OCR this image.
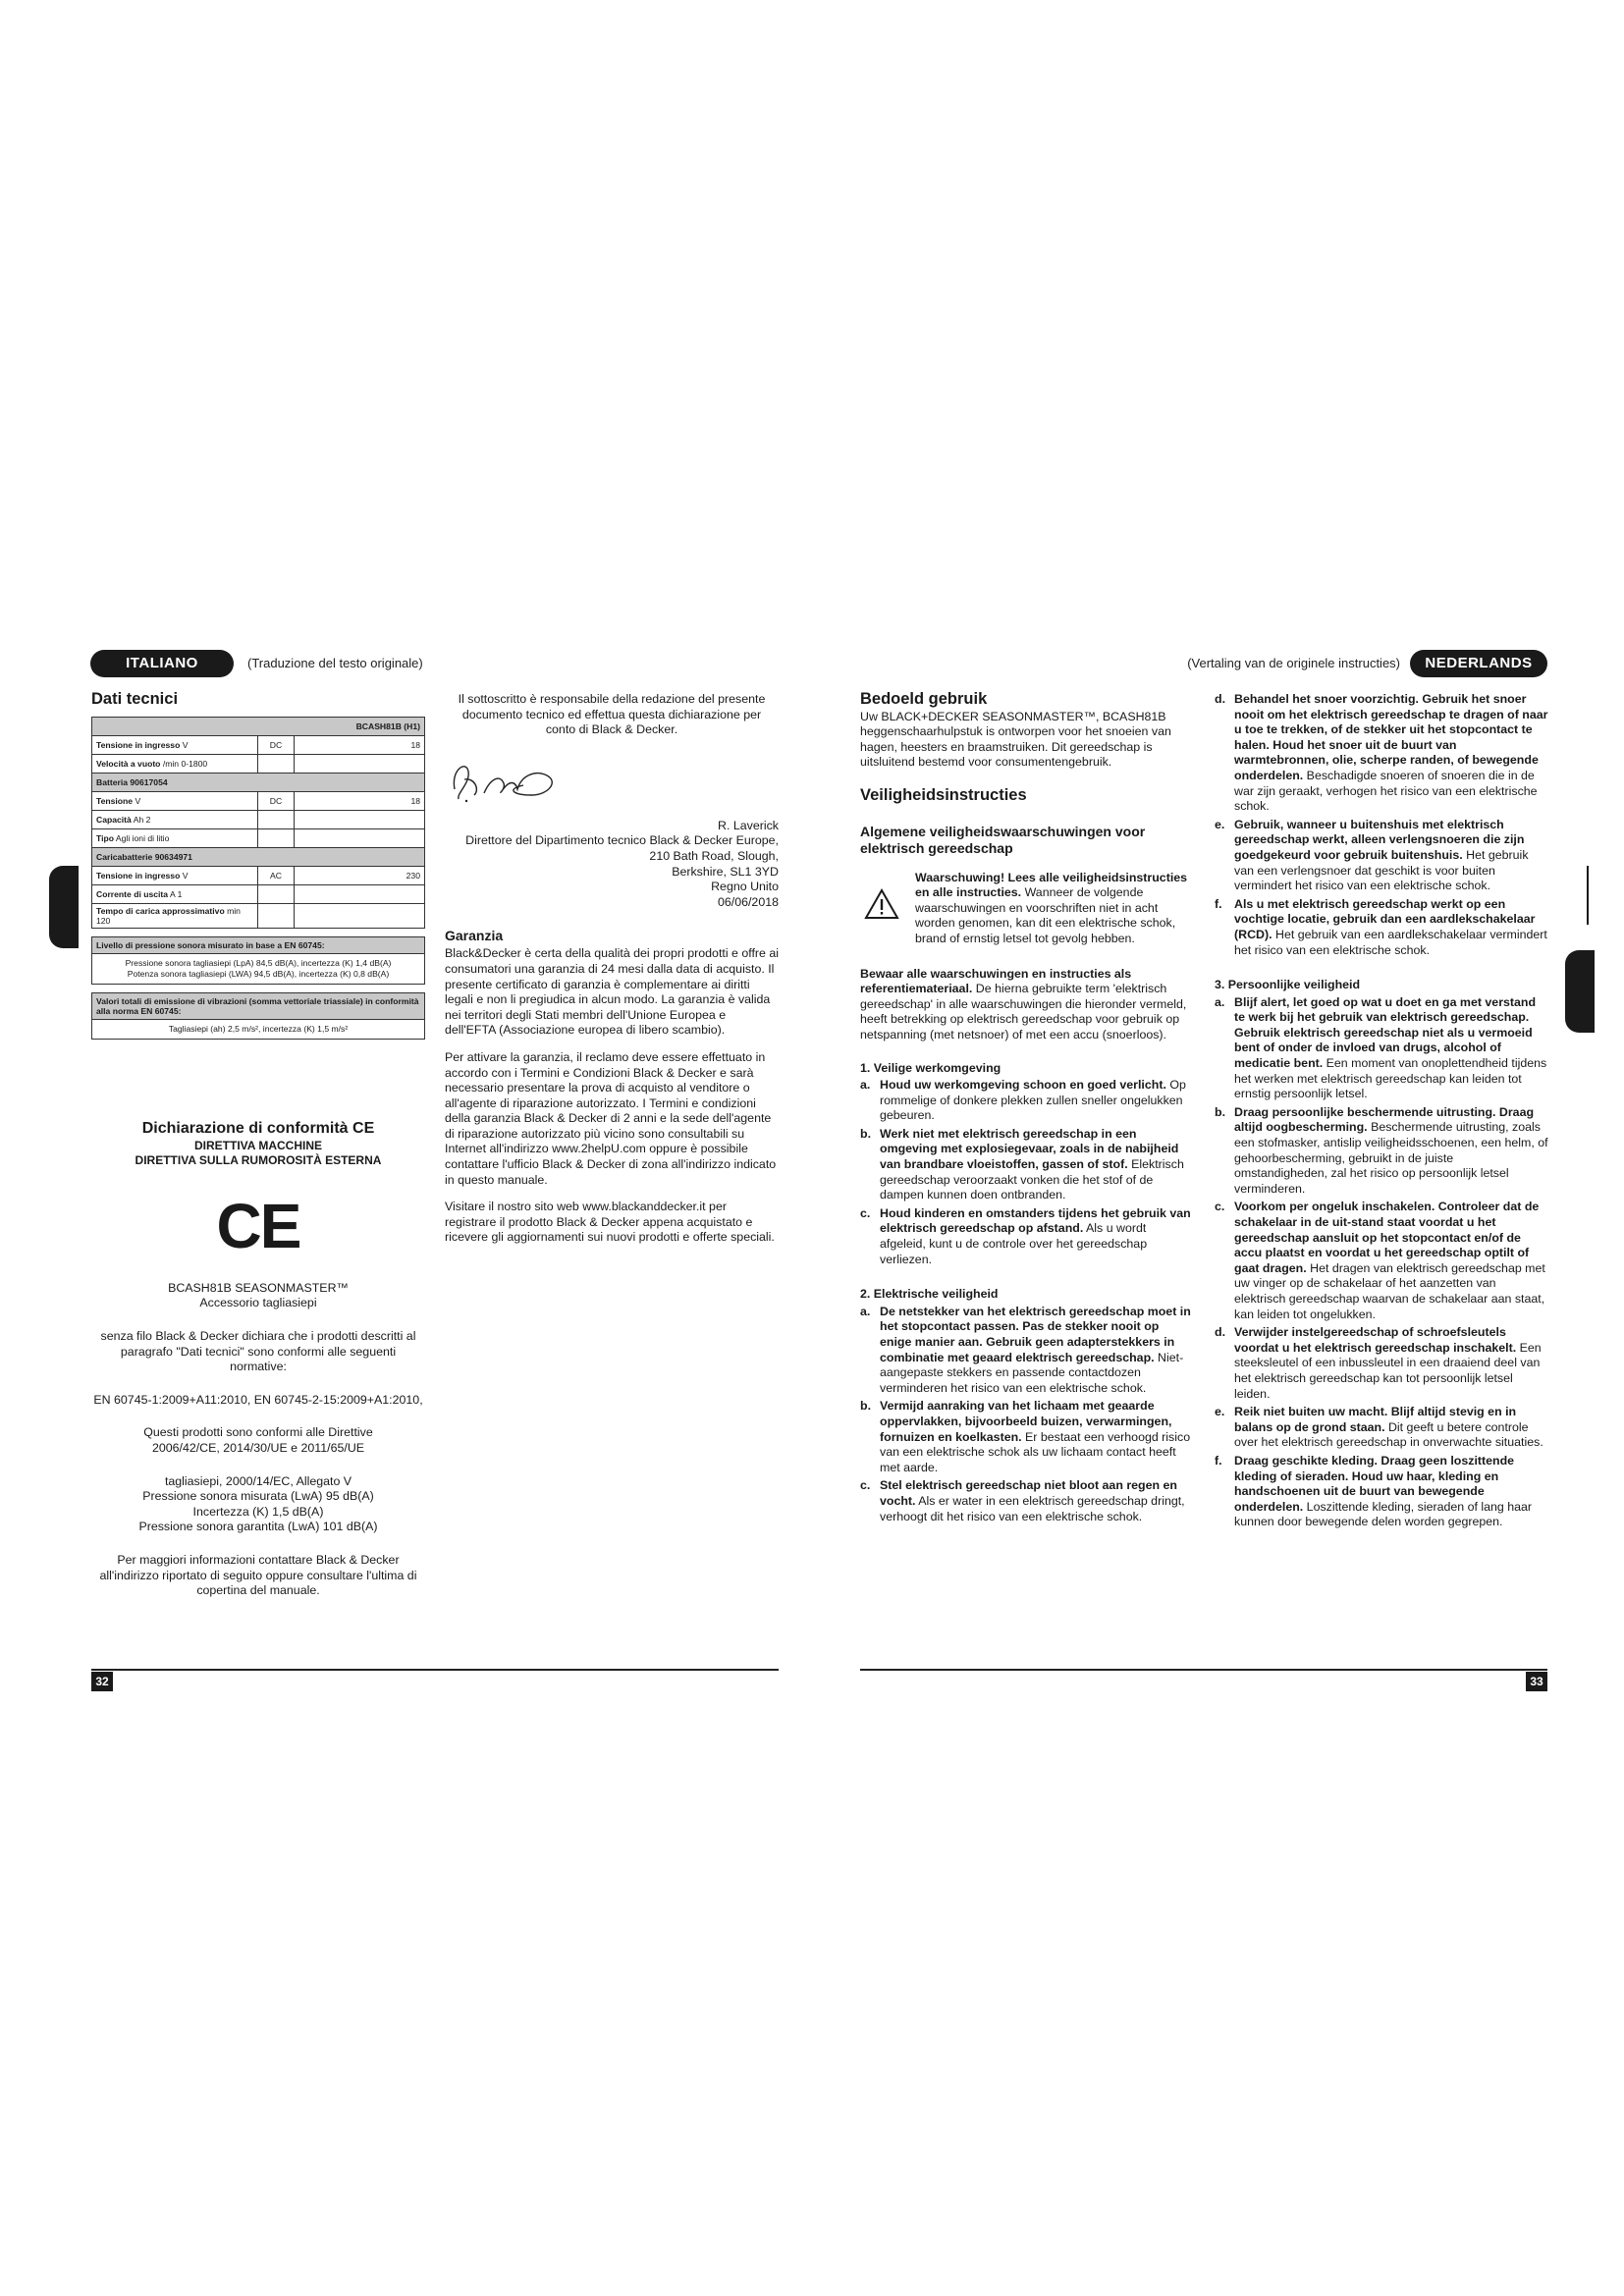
ITALIANO	(Traduzione del testo originale)
Dati tecnici
BCASH81B (H1)		
Tensione in ingresso V	DC	18
Velocità a vuoto /min 0-1800		
Batteria 90617054		
Tensione V	DC	18
Capacità Ah 2		
Tipo Agli ioni di litio		
Caricabatterie 90634971		
Tensione in ingresso V	AC	230
Corrente di uscita A 1		
Tempo di carica approssimativo min 120		
Livello di pressione sonora misurato in base a EN 60745:
Pressione sonora tagliasiepi (LpA) 84,5 dB(A), incertezza (K) 1,4 dB(A)
Potenza sonora tagliasiepi (LWA) 94,5 dB(A), incertezza (K) 0,8 dB(A)
Valori totali di emissione di vibrazioni (somma vettoriale triassiale) in conformità alla norma EN 60745:
Tagliasiepi (ah) 2,5 m/s², incertezza (K) 1,5 m/s²
Dichiarazione di conformità CE
DIRETTIVA MACCHINE
DIRETTIVA SULLA RUMOROSITÀ ESTERNA
CE
BCASH81B SEASONMASTER™
Accessorio tagliasiepi
senza filo Black & Decker dichiara che i prodotti descritti al paragrafo "Dati tecnici" sono conformi alle seguenti normative:
EN 60745-1:2009+A11:2010, EN 60745-2-15:2009+A1:2010,
Questi prodotti sono conformi alle Direttive 2006/42/CE, 2014/30/UE e 2011/65/UE
tagliasiepi, 2000/14/EC, Allegato V
Pressione sonora misurata (LwA) 95 dB(A)
Incertezza (K) 1,5 dB(A)
Pressione sonora garantita (LwA) 101 dB(A)
Per maggiori informazioni contattare Black & Decker all'indirizzo riportato di seguito oppure consultare l'ultima di copertina del manuale.

Il sottoscritto è responsabile della redazione del presente documento tecnico ed effettua questa dichiarazione per conto di Black & Decker.

R. Laverick
Direttore del Dipartimento tecnico Black & Decker Europe,
210 Bath Road, Slough,
Berkshire, SL1 3YD
Regno Unito
06/06/2018
Garanzia

Black&Decker è certa della qualità dei propri prodotti e offre ai consumatori una garanzia di 24 mesi dalla data di acquisto. Il presente certificato di garanzia è complementare ai diritti legali e non li pregiudica in alcun modo. La garanzia è valida nei territori degli Stati membri dell'Unione Europea e dell'EFTA (Associazione europea di libero scambio).

Per attivare la garanzia, il reclamo deve essere effettuato in accordo con i Termini e Condizioni Black & Decker e sarà necessario presentare la prova di acquisto al venditore o all'agente di riparazione autorizzato. I Termini e condizioni della garanzia Black & Decker di 2 anni e la sede dell'agente di riparazione autorizzato più vicino sono consultabili su Internet all'indirizzo www.2helpU.com oppure è possibile contattare l'ufficio Black & Decker di zona all'indirizzo indicato in questo manuale.

Visitare il nostro sito web www.blackanddecker.it per registrare il prodotto Black & Decker appena acquistato e ricevere gli aggiornamenti sui nuovi prodotti e offerte speciali.

32
(Vertaling van de originele instructies)	NEDERLANDS
Bedoeld gebruik

Uw BLACK+DECKER SEASONMASTER™, BCASH81B heggenschaarhulpstuk is ontworpen voor het snoeien van hagen, heesters en braamstruiken. Dit gereedschap is uitsluitend bestemd voor consumentengebruik.

Veiligheidsinstructies
Algemene veiligheidswaarschuwingen voor elektrisch gereedschap
Waarschuwing! Lees alle veiligheidsinstructies en alle instructies. Wanneer de volgende waarschuwingen en voorschriften niet in acht worden genomen, kan dit een elektrische schok, brand of ernstig letsel tot gevolg hebben.

Bewaar alle waarschuwingen en instructies als referentiemateriaal. De hierna gebruikte term 'elektrisch gereedschap' in alle waarschuwingen die hieronder vermeld, heeft betrekking op elektrisch gereedschap voor gebruik op netspanning (met netsnoer) of met een accu (snoerloos).

1. Veilige werkomgeving
a. Houd uw werkomgeving schoon en goed verlicht. Op rommelige of donkere plekken zullen sneller ongelukken gebeuren.
b. Werk niet met elektrisch gereedschap in een omgeving met explosiegevaar, zoals in de nabijheid van brandbare vloeistoffen, gassen of stof. Elektrisch gereedschap veroorzaakt vonken die het stof of de dampen kunnen doen ontbranden.
c. Houd kinderen en omstanders tijdens het gebruik van elektrisch gereedschap op afstand. Als u wordt afgeleid, kunt u de controle over het gereedschap verliezen.
2. Elektrische veiligheid
a. De netstekker van het elektrisch gereedschap moet in het stopcontact passen. Pas de stekker nooit op enige manier aan. Gebruik geen adapterstekkers in combinatie met geaard elektrisch gereedschap. Niet-aangepaste stekkers en passende contactdozen verminderen het risico van een elektrische schok.
b. Vermijd aanraking van het lichaam met geaarde oppervlakken, bijvoorbeeld buizen, verwarmingen, fornuizen en koelkasten. Er bestaat een verhoogd risico van een elektrische schok als uw lichaam contact heeft met aarde.
c. Stel elektrisch gereedschap niet bloot aan regen en vocht. Als er water in een elektrisch gereedschap dringt, verhoogt dit het risico van een elektrische schok.
d. Behandel het snoer voorzichtig. Gebruik het snoer nooit om het elektrisch gereedschap te dragen of naar u toe te trekken, of de stekker uit het stopcontact te halen. Houd het snoer uit de buurt van warmtebronnen, olie, scherpe randen, of bewegende onderdelen. Beschadigde snoeren of snoeren die in de war zijn geraakt, verhogen het risico van een elektrische schok.
e. Gebruik, wanneer u buitenshuis met elektrisch gereedschap werkt, alleen verlengsnoeren die zijn goedgekeurd voor gebruik buitenshuis. Het gebruik van een verlengsnoer dat geschikt is voor buiten vermindert het risico van een elektrische schok.
f. Als u met elektrisch gereedschap werkt op een vochtige locatie, gebruik dan een aardlekschakelaar (RCD). Het gebruik van een aardlekschakelaar vermindert het risico van een elektrische schok.
3. Persoonlijke veiligheid
a. Blijf alert, let goed op wat u doet en ga met verstand te werk bij het gebruik van elektrisch gereedschap. Gebruik elektrisch gereedschap niet als u vermoeid bent of onder de invloed van drugs, alcohol of medicatie bent. Een moment van onoplettendheid tijdens het werken met elektrisch gereedschap kan leiden tot ernstig persoonlijk letsel.
b. Draag persoonlijke beschermende uitrusting. Draag altijd oogbescherming. Beschermende uitrusting, zoals een stofmasker, antislip veiligheidsschoenen, een helm, of gehoorbescherming, gebruikt in de juiste omstandigheden, zal het risico op persoonlijk letsel verminderen.
c. Voorkom per ongeluk inschakelen. Controleer dat de schakelaar in de uit-stand staat voordat u het gereedschap aansluit op het stopcontact en/of de accu plaatst en voordat u het gereedschap optilt of gaat dragen. Het dragen van elektrisch gereedschap met uw vinger op de schakelaar of het aanzetten van elektrisch gereedschap waarvan de schakelaar aan staat, kan leiden tot ongelukken.
d. Verwijder instelgereedschap of schroefsleutels voordat u het elektrisch gereedschap inschakelt. Een steeksleutel of een inbussleutel in een draaiend deel van het elektrisch gereedschap kan tot persoonlijk letsel leiden.
e. Reik niet buiten uw macht. Blijf altijd stevig en in balans op de grond staan. Dit geeft u betere controle over het elektrisch gereedschap in onverwachte situaties.
f. Draag geschikte kleding. Draag geen loszittende kleding of sieraden. Houd uw haar, kleding en handschoenen uit de buurt van bewegende onderdelen. Loszittende kleding, sieraden of lang haar kunnen door bewegende delen worden gegrepen.
33
